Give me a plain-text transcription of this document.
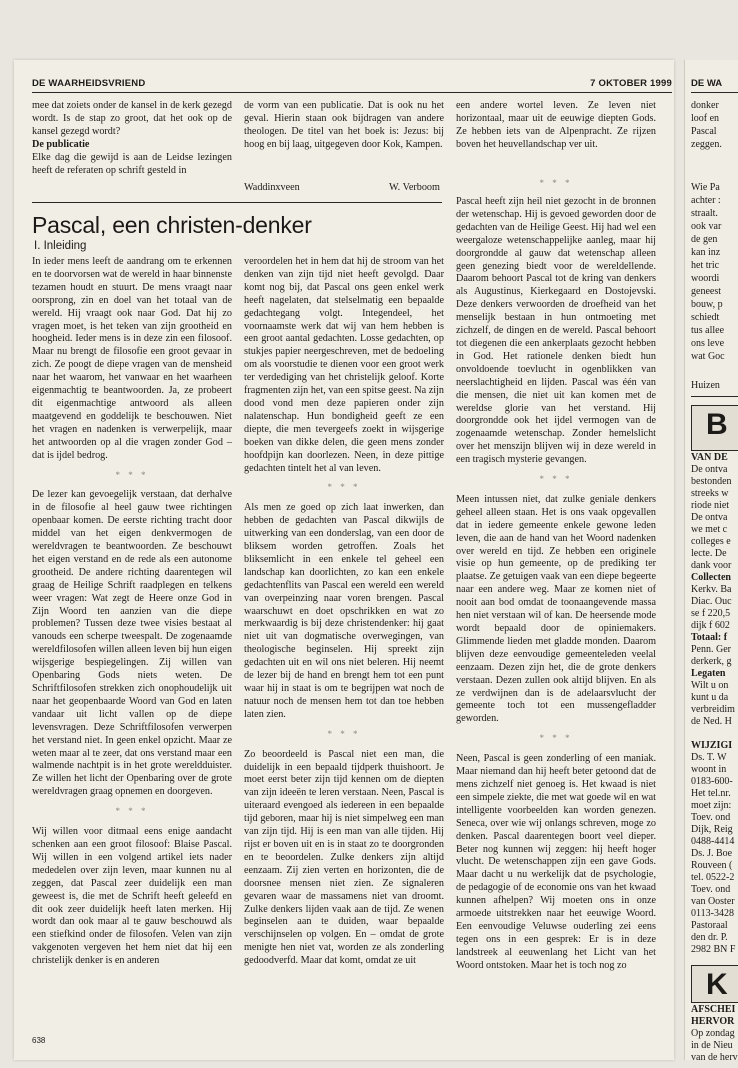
DE WAARHEIDSVRIEND	7 OKTOBER 1999

mee dat zoiets onder de kansel in de kerk gezegd wordt. Is de stap zo groot, dat het ook op de kansel gezegd wordt?

De publicatie

Elke dag die gewijd is aan de Leidse lezingen heeft de referaten op schrift gesteld in

de vorm van een publicatie. Dat is ook nu het geval. Hierin staan ook bijdragen van andere theologen. De titel van het boek is: Jezus: bij hoog en bij laag, uitgegeven door Kok, Kampen.

Waddinxveen	W. Verboom

een andere wortel leven. Ze leven niet horizontaal, maar uit de eeuwige diepten Gods. Ze hebben iets van de Alpenpracht. Ze rijzen boven het heuvellandschap ver uit.

* * *
Pascal, een christen-denker
I. Inleiding

In ieder mens leeft de aandrang om te erkennen en te doorvorsen wat de wereld in haar binnenste tezamen houdt en stuurt. De mens vraagt naar oorsprong, zin en doel van het totaal van de wereld. Hij vraagt ook naar God. Dat hij zo vragen moet, is het teken van zijn grootheid en hoogheid. Ieder mens is in deze zin een filosoof. Maar nu brengt de filosofie een groot gevaar in zich. Ze poogt de diepe vragen van de mensheid naar het waarom, het vanwaar en het waarheen eigenmachtig te beantwoorden. Ja, ze probeert dit eigenmachtige antwoord als alleen maatgevend en goddelijk te beschouwen. Niet het vragen en nadenken is verwerpelijk, maar het antwoorden op al die vragen zonder God – dat is ijdel bedrog.

* * *

De lezer kan gevoegelijk verstaan, dat derhalve in de filosofie al heel gauw twee richtingen openbaar komen. De eerste richting tracht door middel van het eigen denkvermogen de wereldvragen te beantwoorden. Ze beschouwt het eigen verstand en de rede als een autonome grootheid. De andere richting daarentegen wil graag de Heilige Schrift raadplegen en telkens weer vragen: Wat zegt de Heere onze God in Zijn Woord ten aanzien van die diepe problemen? Tussen deze twee visies bestaat al vanouds een scherpe tweespalt. De zogenaamde wereldfilosofen willen alleen leven bij hun eigen wijsgerige bespiegelingen. Zij willen van Openbaring Gods niets weten. De Schriftfilosofen strekken zich onophoudelijk uit naar het geopenbaarde Woord van God en laten vandaar uit licht vallen op de diepe levensvragen. Deze Schriftfilosofen verwerpen het verstand niet. In geen enkel opzicht. Maar ze weten maar al te zeer, dat ons verstand maar een walmende nachtpit is in het grote wereldduister. Ze willen het licht der Openbaring over de grote wereldvragen graag opnemen en doorgeven.

* * *

Wij willen voor ditmaal eens enige aandacht schenken aan een groot filosoof: Blaise Pascal. Wij willen in een volgend artikel iets nader mededelen over zijn leven, maar kunnen nu al zeggen, dat Pascal zeer duidelijk een man geweest is, die met de Schrift heeft geleefd en dit ook zeer duidelijk heeft laten merken. Hij wordt dan ook maar al te gauw beschouwd als een stiefkind onder de filosofen. Velen van zijn vakgenoten vergeven het hem niet dat hij een christelijk denker is en anderen

veroordelen het in hem dat hij de stroom van het denken van zijn tijd niet heeft gevolgd. Daar komt nog bij, dat Pascal ons geen enkel werk heeft nagelaten, dat stelselmatig een bepaalde gedachtegang volgt. Integendeel, het voornaamste werk dat wij van hem hebben is een groot aantal gedachten. Losse gedachten, op stukjes papier neergeschreven, met de bedoeling om als voorstudie te dienen voor een groot werk ter verdediging van het christelijk geloof. Korte fragmenten zijn het, van een spitse geest. Na zijn dood vond men deze papieren onder zijn nalatenschap. Hun bondigheid geeft ze een diepte, die men tevergeefs zoekt in wijsgerige boeken van dikke delen, die geen mens zonder hoofdpijn kan doorlezen. Neen, in deze pittige gedachten tintelt het al van leven.

* * *

Als men ze goed op zich laat inwerken, dan hebben de gedachten van Pascal dikwijls de uitwerking van een donderslag, van een door de bliksem worden getroffen. Zoals het bliksemlicht in een enkele tel geheel een landschap kan doorlichten, zo kan een enkele gedachtenflits van Pascal een wereld een wereld van overpeinzing naar voren brengen. Pascal waarschuwt en doet opschrikken en wat zo merkwaardig is bij deze christendenker: hij gaat niet uit van dogmatische overwegingen, van theologische beginselen. Hij spreekt zijn gedachten uit en wil ons niet beleren. Hij neemt de lezer bij de hand en brengt hem tot een punt waar hij in staat is om te begrijpen wat noch de natuur noch de mensen hem tot dan toe hebben laten zien.

* * *

Zo beoordeeld is Pascal niet een man, die duidelijk in een bepaald tijdperk thuishoort. Je moet eerst beter zijn tijd kennen om de diepten van zijn ideeën te leren verstaan. Neen, Pascal is uiteraard evengoed als iedereen in een bepaalde tijd geboren, maar hij is niet simpelweg een man van zijn tijd. Hij is een man van alle tijden. Hij rijst er boven uit en is in staat zo te doorgronden en te beoordelen. Zulke denkers zijn altijd eenzaam. Zij zien verten en horizonten, die de doorsnee mensen niet zien. Ze signaleren gevaren waar de massamens niet van droomt. Zulke denkers lijden vaak aan de tijd. Ze wenen beginselen aan te duiden, waar bepaalde verschijnselen op volgen. En – omdat de grote menigte hen niet vat, worden ze als zonderling gedoodverfd. Maar dat komt, omdat ze uit

Pascal heeft zijn heil niet gezocht in de bronnen der wetenschap. Hij is gevoed geworden door de gedachten van de Heilige Geest. Hij had wel een weergaloze wetenschappelijke aanleg, maar hij doorgrondde al gauw dat wetenschap alleen geen genezing biedt voor de wereldellende. Daarom behoort Pascal tot de kring van denkers als Augustinus, Kierkegaard en Dostojevski. Deze denkers verwoorden de droefheid van het menselijk bestaan in hun ontmoeting met zichzelf, de dingen en de wereld. Pascal behoort tot diegenen die een ankerplaats gezocht hebben in God. Het rationele denken biedt hun onvoldoende toevlucht in ogenblikken van neerslachtigheid en lijden. Pascal was één van die mensen, die niet uit kan komen met de wereldse glorie van het verstand. Hij doorgrondde ook het ijdel vermogen van de zogenaamde wetenschap. Zonder hemelslicht over het menszijn blijven wij in deze wereld in een tragisch mysterie gevangen.

* * *

Meen intussen niet, dat zulke geniale denkers geheel alleen staan. Het is ons vaak opgevallen dat in iedere gemeente enkele gewone leden leven, die aan de hand van het Woord nadenken over wereld en tijd. Ze hebben een originele visie op hun gemeente, op de prediking ter plaatse. Ze getuigen vaak van een diepe begeerte naar een andere weg. Maar ze komen niet of nooit aan bod omdat de toonaangevende massa hen niet verstaan wil of kan. De heersende mode wordt bepaald door de opiniemakers. Glimmende lieden met gladde monden. Daarom blijven deze eenvoudige gemeenteleden veelal eenzaam. Dezen zijn het, die de grote denkers verstaan. Dezen zullen ook altijd blijven. En als ze verdwijnen dan is de adelaarsvlucht der gemeente toch tot een mussengefladder geworden.

* * *

Neen, Pascal is geen zonderling of een maniak. Maar niemand dan hij heeft beter getoond dat de mens zichzelf niet genoeg is. Het kwaad is niet een simpele ziekte, die met wat goede wil en wat intelligente voorbeelden kan worden genezen. Seneca, over wie wij onlangs schreven, moge zo denken. Pascal daarentegen boort veel dieper. Beter nog kunnen wij zeggen: hij heeft hoger vlucht. De wetenschappen zijn een gave Gods. Maar dacht u nu werkelijk dat de psychologie, de pedagogie of de economie ons van het kwaad kunnen afhelpen? Wij moeten ons in onze armoede uitstrekken naar het eeuwige Woord. Een eenvoudige Veluwse ouderling zei eens tegen ons in een gesprek: Er is in deze landstreek al eeuwenlang het Licht van het Woord ontstoken. Maar het is toch nog zo

638
DE WA
donker
loof en
Pascal
zeggen.
Wie Pa
achter :
straalt.
ook var
de gen
kan inz
het tric
woordi
geneest
bouw, p
schiedt
tus allee
ons leve
wat Goc
Huizen
B
VAN DE
De ontva
bestonden
streeks w
riode niet
De ontva
we met c
colleges e
lecte. De
dank voor
Collecten
Kerkv. Ba
Diac. Ouc
se f 220,5
dijk f 602
Totaal: f
Penn. Ger
derkerk, g
Legaten
Wilt u on
kunt u da
verbreidim
de Ned. H
WIJZIGI
Ds. T. W
woont in
0183-600-
Het tel.nr.
moet zijn:
Toev. ond
Dijk, Reig
0488-4414
Ds. J. Boe
Rouveen (
tel. 0522-2
Toev. ond
van Ooster
0113-3428
Pastoraal
den dr. P.
2982 BN F
K
AFSCHEI
HERVOR
Op zondag
in de Nieu
van de herv
